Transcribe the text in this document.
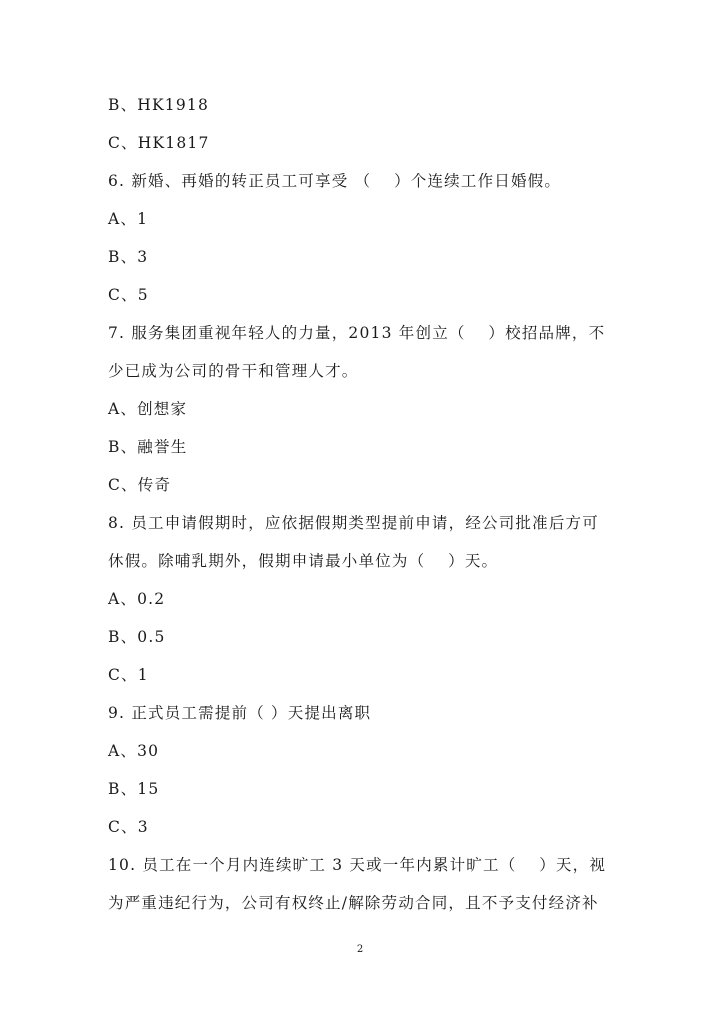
B、HK1918
C、HK1817
6. 新婚、再婚的转正员工可享受 （　 ）个连续工作日婚假。
A、1
B、3
C、5
7. 服务集团重视年轻人的力量，2013 年创立（　 ）校招品牌，不
少已成为公司的骨干和管理人才。
A、创想家
B、融誉生
C、传奇
8. 员工申请假期时，应依据假期类型提前申请，经公司批准后方可
休假。除哺乳期外，假期申请最小单位为（　 ）天。
A、0.2
B、0.5
C、1
9. 正式员工需提前（ ）天提出离职
A、30
B、15
C、3
10. 员工在一个月内连续旷工 3 天或一年内累计旷工（　 ）天，视
为严重违纪行为，公司有权终止/解除劳动合同，且不予支付经济补
2
